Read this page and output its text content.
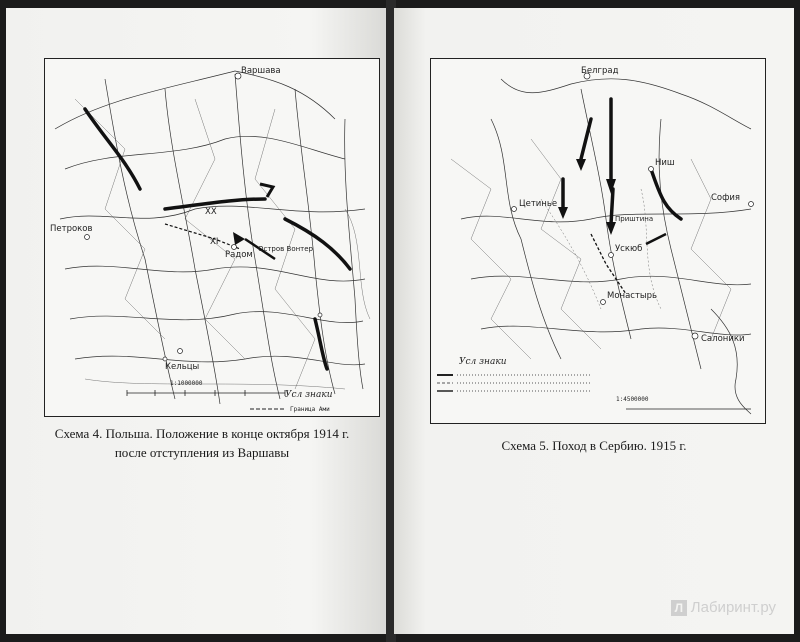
Варшава
Петроков
Радом
Остров Вонтер
Кельцы
XX
XI
1:1000000
Усл знаки
Граница Ами
Схема 4. Польша. Положение в конце октября 1914 г.
после отступления из Варшавы
Белград
Ниш
София
Цетинье
Ускюб
Монастырь
Салоники
Приштина
Усл знаки
1:4500000
Схема 5. Поход в Сербию. 1915 г.
Л Лабиринт.ру
